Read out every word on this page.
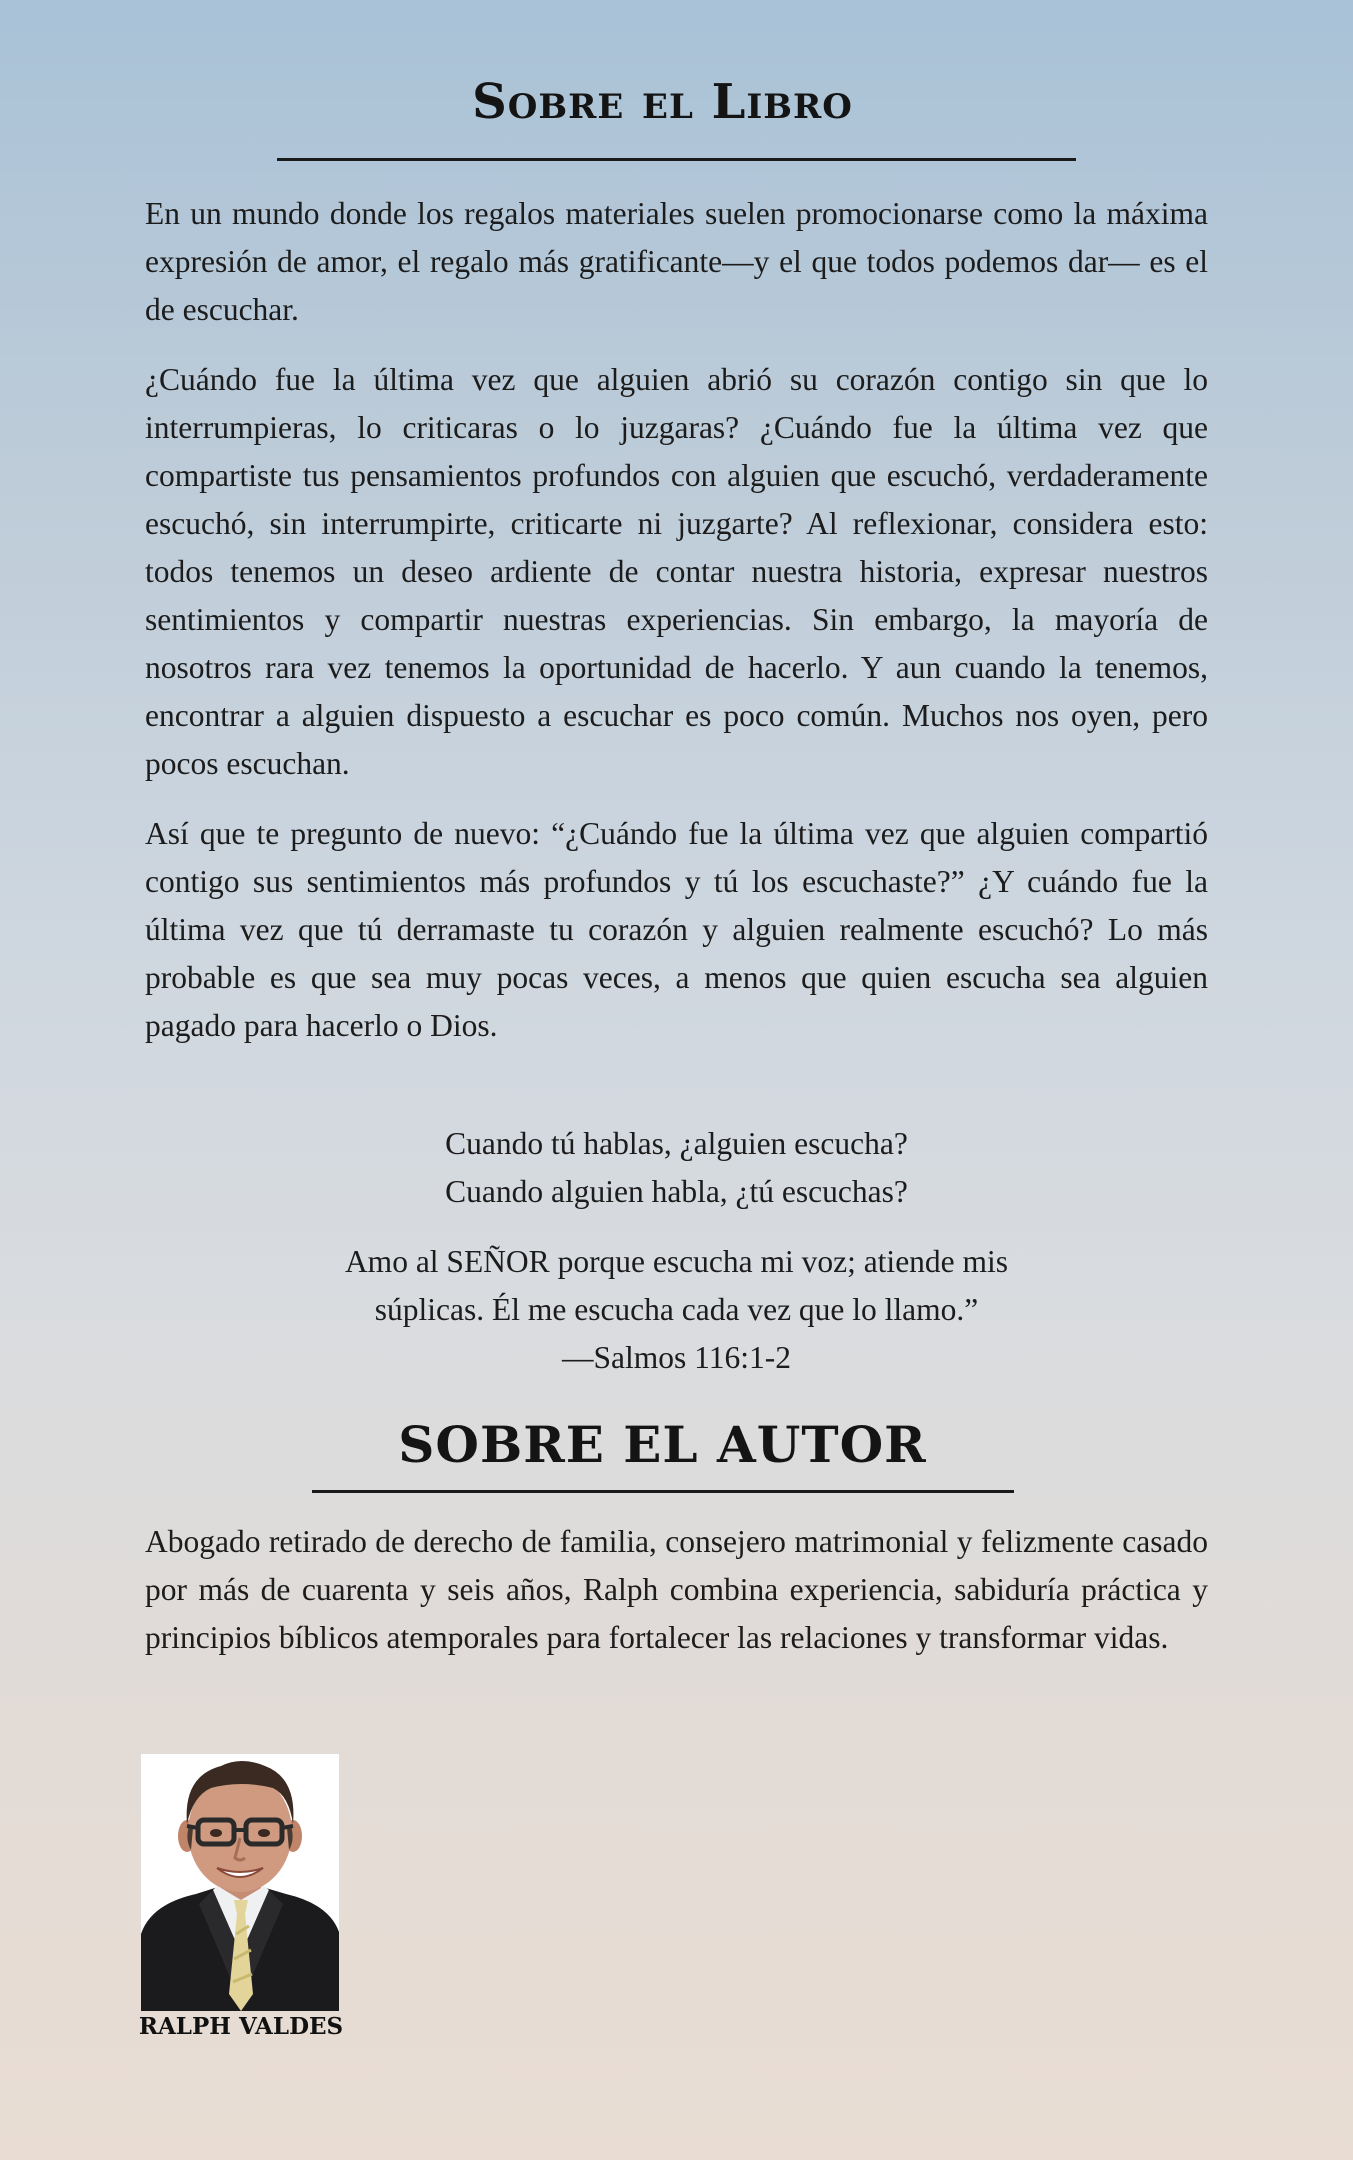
Sobre el Libro

En un mundo donde los regalos materiales suelen promocionarse como la máxima expresión de amor, el regalo más gratificante—y el que todos podemos dar— es el de escuchar.

¿Cuándo fue la última vez que alguien abrió su corazón contigo sin que lo interrumpieras, lo criticaras o lo juzgaras? ¿Cuándo fue la última vez que compartiste tus pensamientos profundos con alguien que escuchó, verdaderamente escuchó, sin interrumpirte, criticarte ni juzgarte? Al reflexionar, considera esto: todos tenemos un deseo ardiente de contar nuestra historia, expresar nuestros sentimientos y compartir nuestras experiencias. Sin embargo, la mayoría de nosotros rara vez tenemos la oportunidad de hacerlo. Y aun cuando la tenemos, encontrar a alguien dispuesto a escuchar es poco común. Muchos nos oyen, pero pocos escuchan.

Así que te pregunto de nuevo: “¿Cuándo fue la última vez que alguien compartió contigo sus sentimientos más profundos y tú los escuchaste?” ¿Y cuándo fue la última vez que tú derramaste tu corazón y alguien realmente escuchó? Lo más probable es que sea muy pocas veces, a menos que quien escucha sea alguien pagado para hacerlo o Dios.

Cuando tú hablas, ¿alguien escucha?
Cuando alguien habla, ¿tú escuchas?
Amo al SEÑOR porque escucha mi voz; atiende mis
súplicas. Él me escucha cada vez que lo llamo.”
—Salmos 116:1-2
SOBRE EL AUTOR

Abogado retirado de derecho de familia, consejero matrimonial y felizmente casado por más de cuarenta y seis años, Ralph combina experiencia, sabiduría práctica y principios bíblicos atemporales para fortalecer las relaciones y transformar vidas.

RALPH VALDES
